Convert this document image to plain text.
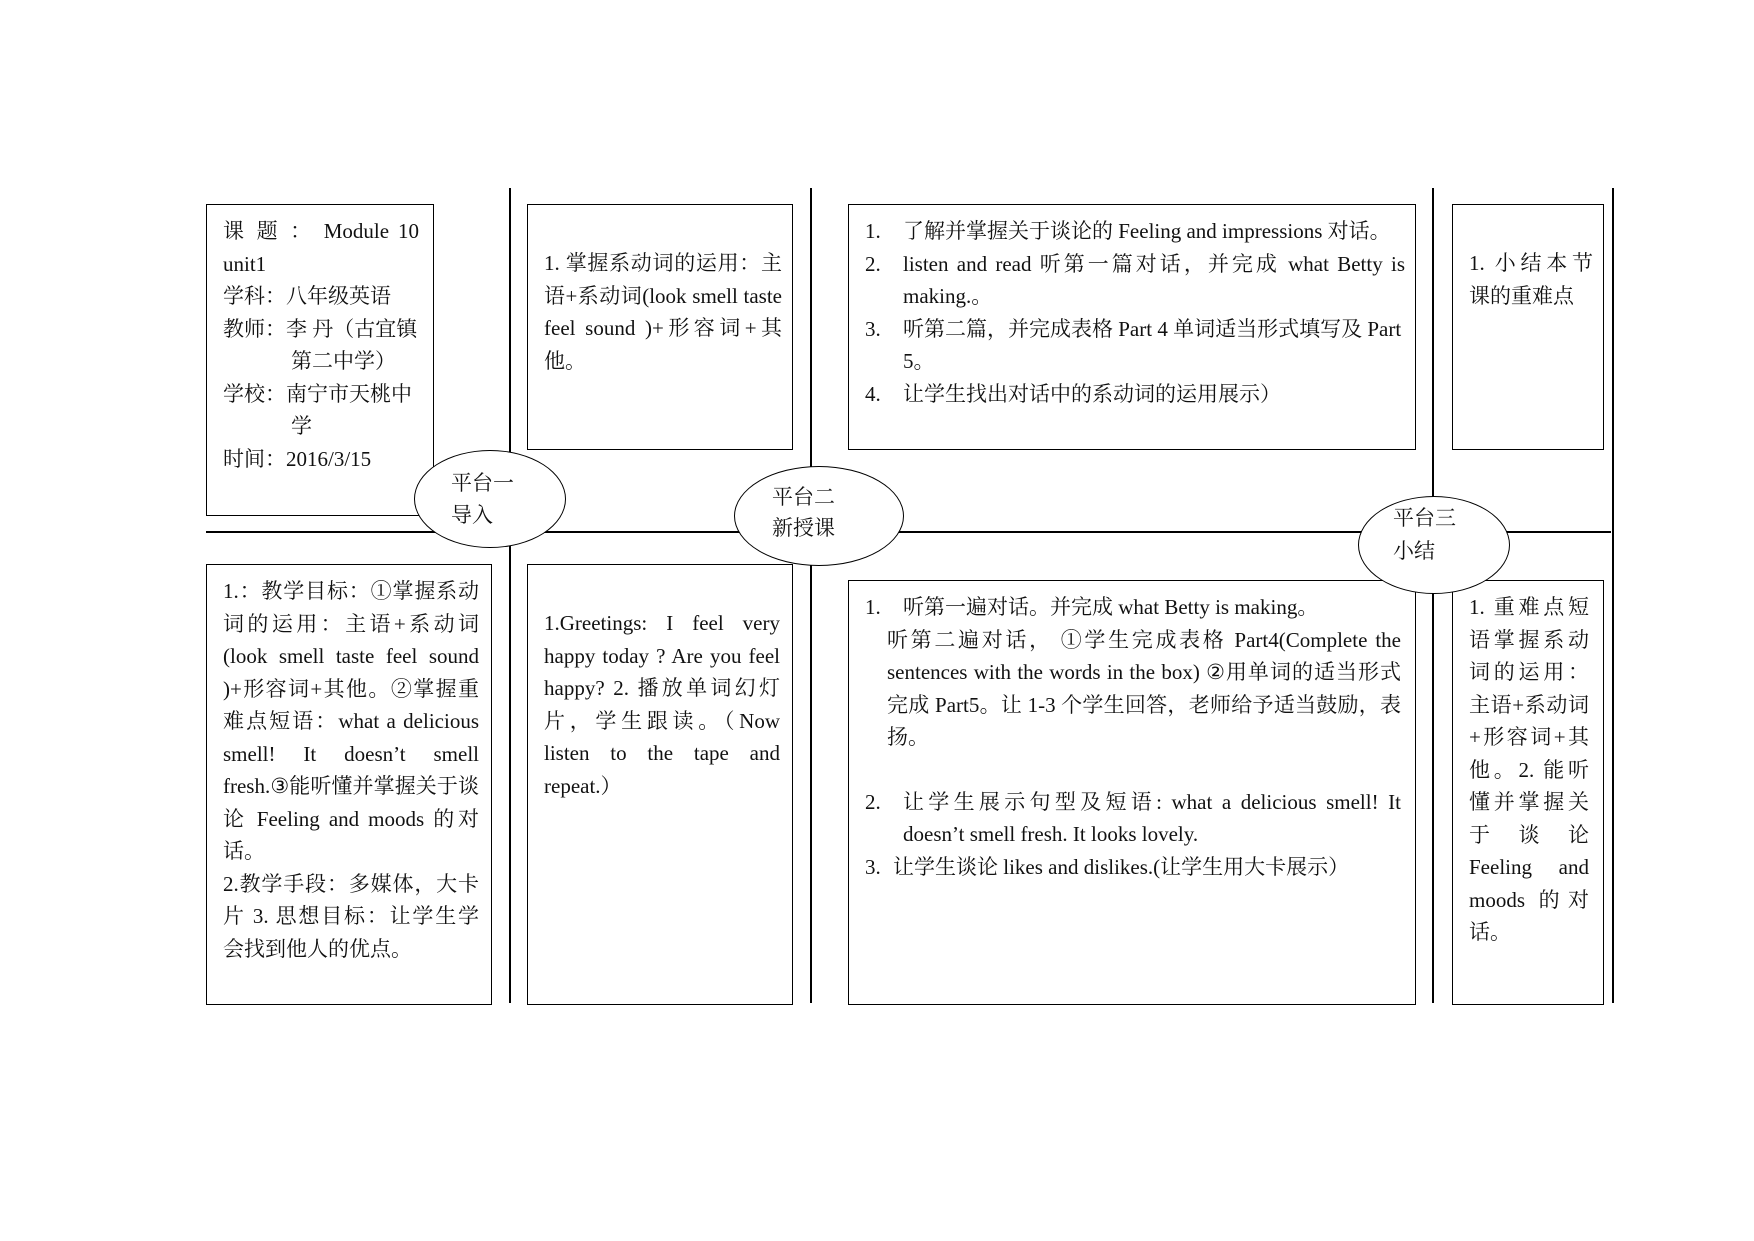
课 题 ： Module 10 unit1

学科：八年级英语

教师：李 丹（古宜镇第二中学）

学校：南宁市天桃中学

时间：2016/3/15

1. 掌握系动词的运用：主语+系动词(look smell taste feel sound )+形容词+其他。

1. 了解并掌握关于谈论的 Feeling and impressions 对话。
2. listen and read 听第一篇对话，并完成 what Betty is making.。
3. 听第二篇，并完成表格 Part 4 单词适当形式填写及 Part 5。
4. 让学生找出对话中的系动词的运用展示）

1. 小结本节课的重难点

1.：教学目标：①掌握系动词的运用：主语+系动词(look smell taste feel sound )+形容词+其他。②掌握重难点短语：what a delicious smell! It doesn’t smell fresh.③能听懂并掌握关于谈论 Feeling and moods 的对话。

2.教学手段：多媒体，大卡片 3. 思想目标：让学生学会找到他人的优点。

1.Greetings: I feel very happy today ? Are you feel happy? 2. 播放单词幻灯片，学生跟读。（Now listen to the tape and repeat.）

1. 听第一遍对话。并完成 what Betty is making。

听第二遍对话， ①学生完成表格 Part4(Complete the sentences with the words in the box) ②用单词的适当形式完成 Part5。让 1-3 个学生回答，老师给予适当鼓励，表扬。

2. 让学生展示句型及短语: what a delicious smell! It doesn’t smell fresh. It looks lovely.
3. 让学生谈论 likes and dislikes.(让学生用大卡展示）

1. 重难点短语掌握系动词的运用：主语+系动词+形容词+其他。2. 能听懂并掌握关于谈论 Feeling and moods 的对话。

平台一
导入
平台二
新授课	平台三
小结
